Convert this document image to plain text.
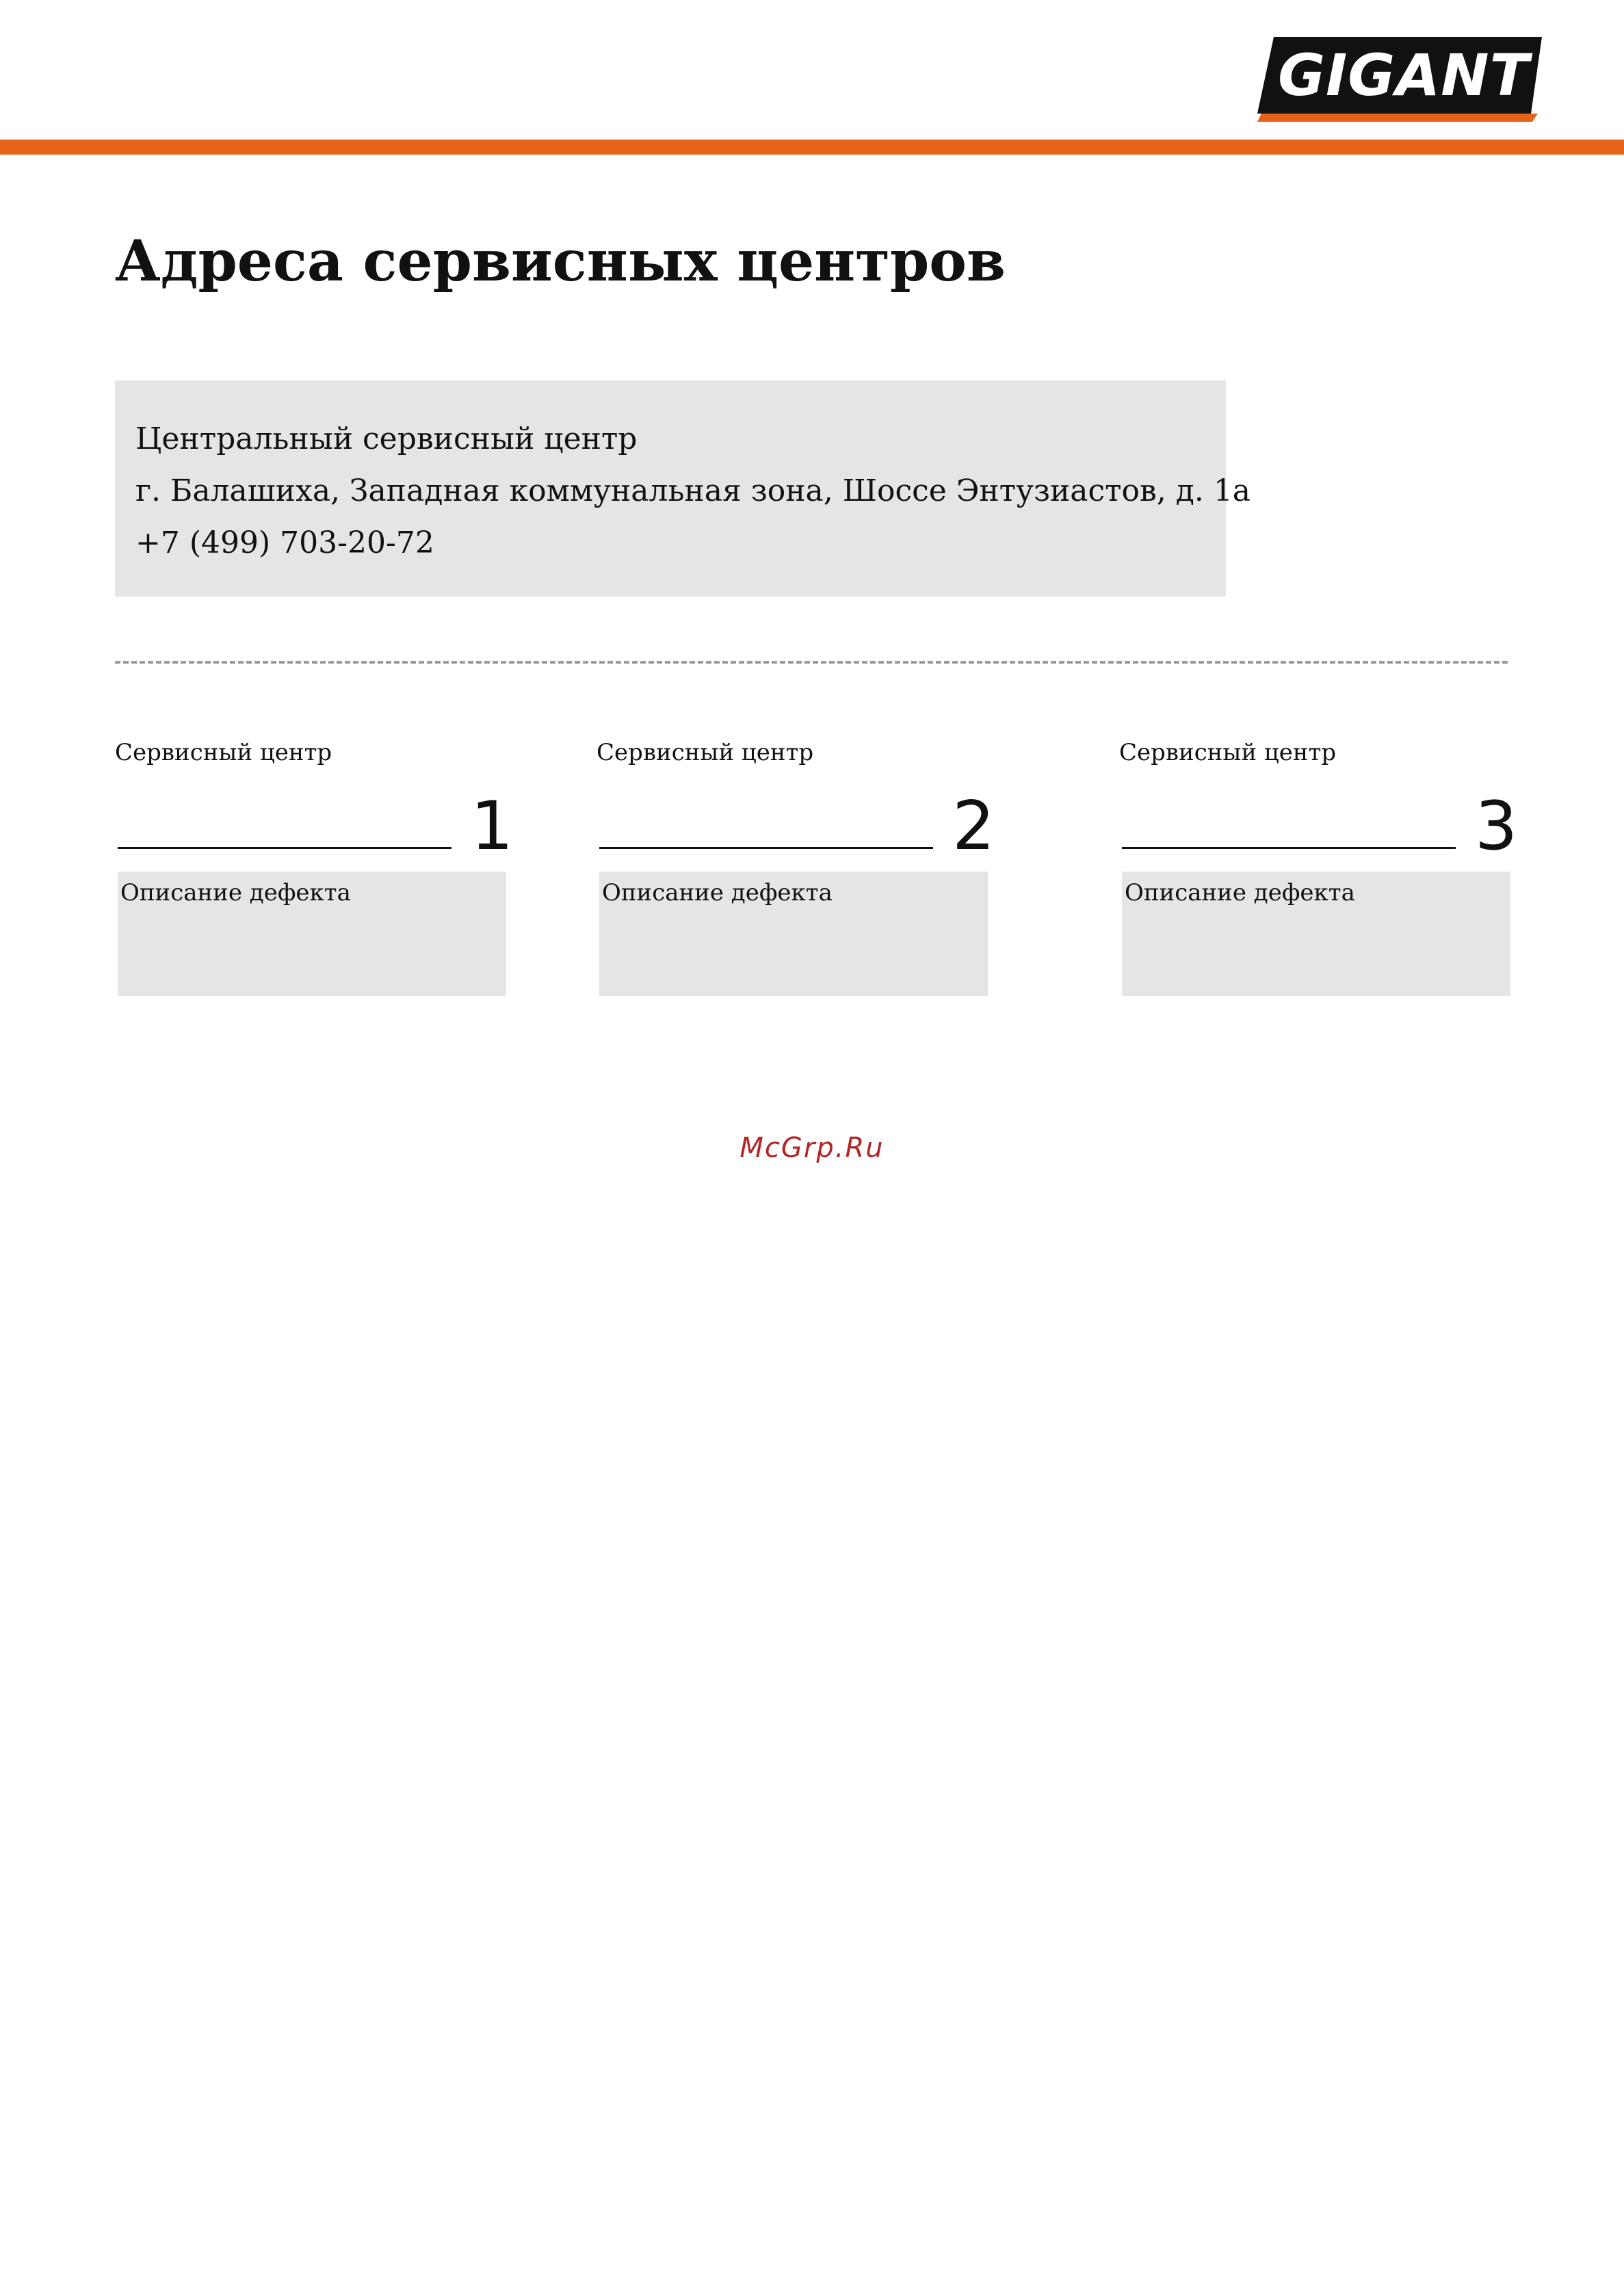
GIGANT
Адреса сервисных центров
Центральный сервисный центр
г. Балашиха, Западная коммунальная зона, Шоссе Энтузиастов, д. 1а
+7 (499) 703-20-72
Сервисный центр
1
Описание дефекта
Сервисный центр
2
Описание дефекта
Сервисный центр
3
Описание дефекта
McGrp.Ru
